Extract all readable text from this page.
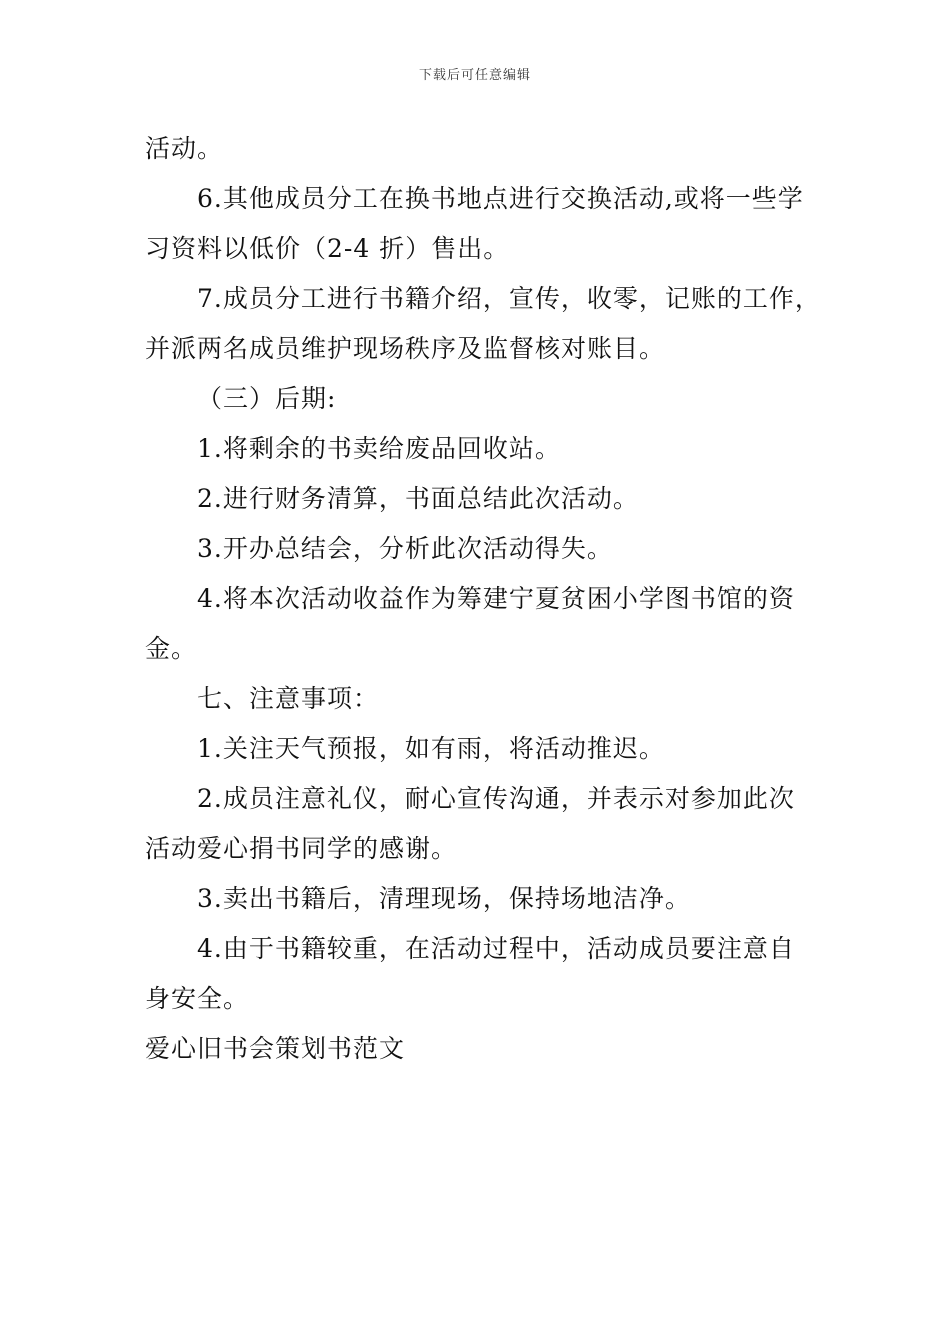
下载后可任意编辑
活动。
6.其他成员分工在换书地点进行交换活动,或将一些学
习资料以低价（2-4 折）售出。
7.成员分工进行书籍介绍，宣传，收零，记账的工作，
并派两名成员维护现场秩序及监督核对账目。
（三）后期:
1.将剩余的书卖给废品回收站。
2.进行财务清算，书面总结此次活动。
3.开办总结会，分析此次活动得失。
4.将本次活动收益作为筹建宁夏贫困小学图书馆的资
金。
七、注意事项：
1.关注天气预报，如有雨，将活动推迟。
2.成员注意礼仪，耐心宣传沟通，并表示对参加此次
活动爱心捐书同学的感谢。
3.卖出书籍后，清理现场，保持场地洁净。
4.由于书籍较重，在活动过程中，活动成员要注意自
身安全。
爱心旧书会策划书范文
